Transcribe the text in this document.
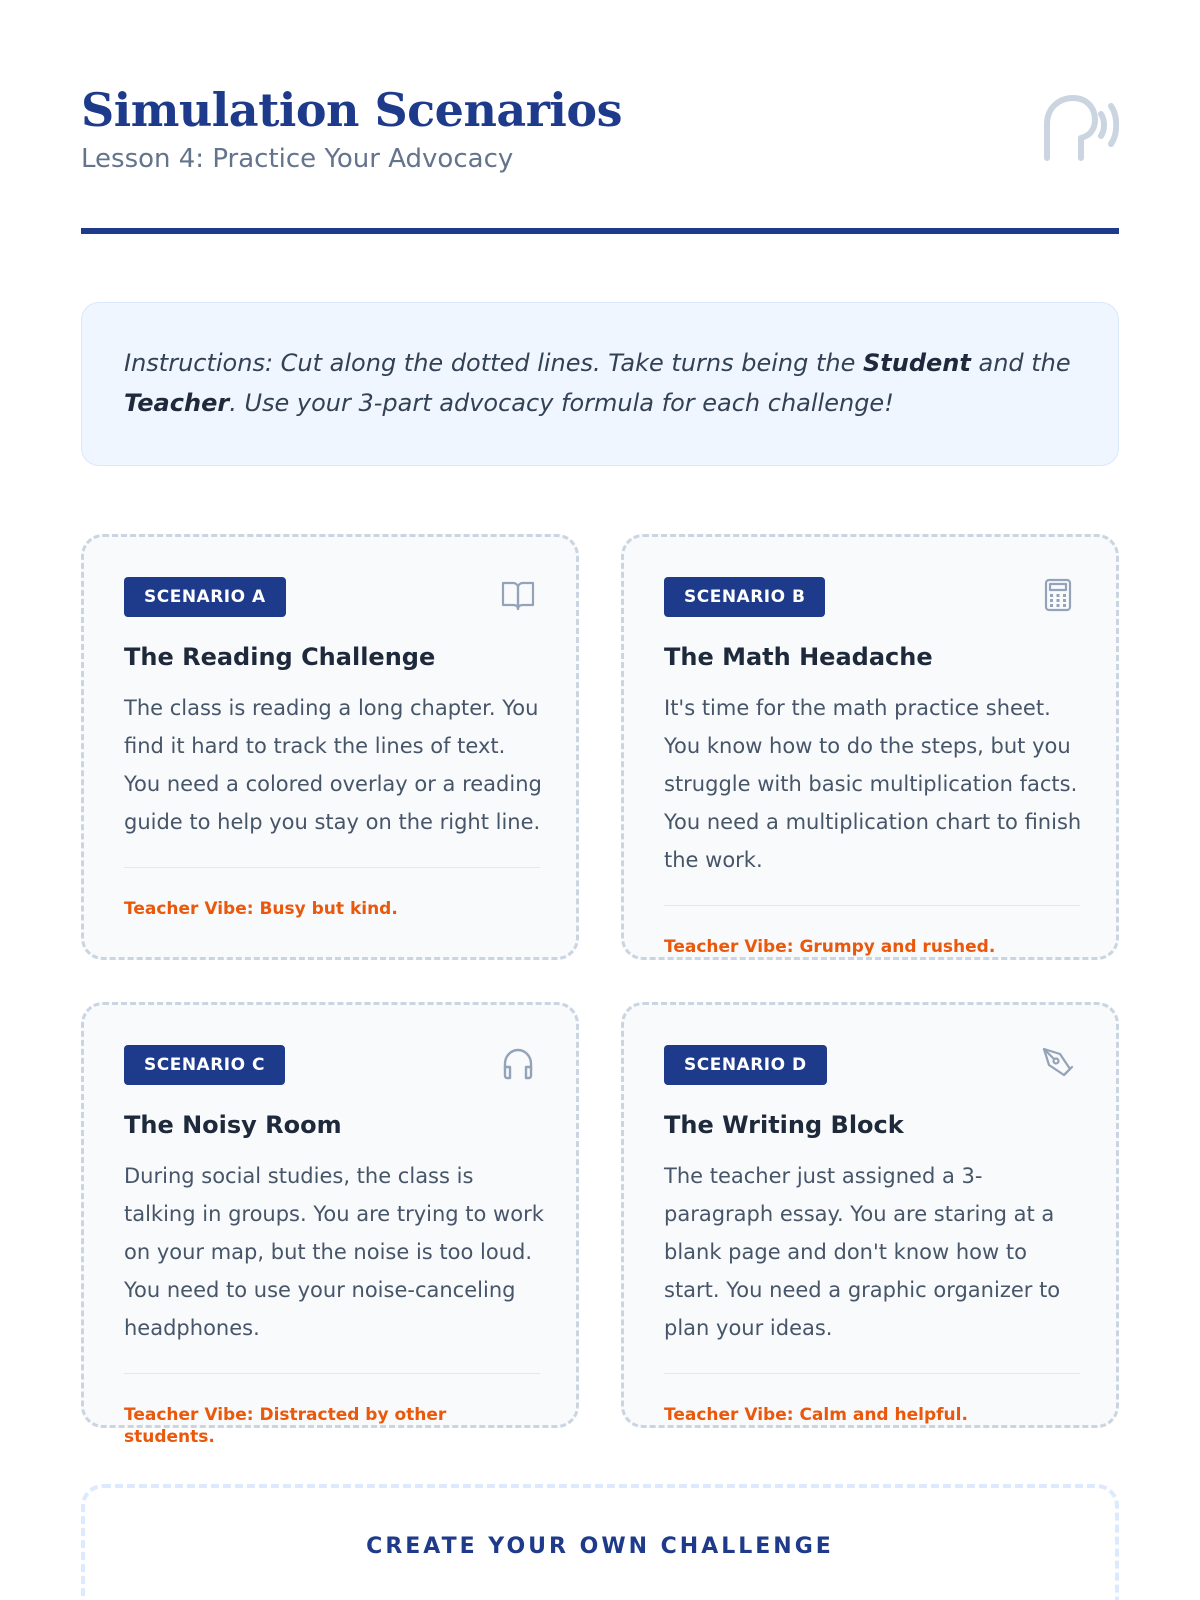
Simulation Scenarios
Lesson 4: Practice Your Advocacy
Instructions: Cut along the dotted lines. Take turns being the Student and the Teacher. Use your 3-part advocacy formula for each challenge!
SCENARIO A
The Reading Challenge
The class is reading a long chapter. You find it hard to track the lines of text. You need a colored overlay or a reading guide to help you stay on the right line.
Teacher Vibe: Busy but kind.
SCENARIO B
The Math Headache
It's time for the math practice sheet. You know how to do the steps, but you struggle with basic multiplication facts. You need a multiplication chart to finish the work.
Teacher Vibe: Grumpy and rushed.
SCENARIO C
The Noisy Room
During social studies, the class is talking in groups. You are trying to work on your map, but the noise is too loud. You need to use your noise-canceling headphones.
Teacher Vibe: Distracted by other students.
SCENARIO D
The Writing Block
The teacher just assigned a 3-paragraph essay. You are staring at a blank page and don't know how to start. You need a graphic organizer to plan your ideas.
Teacher Vibe: Calm and helpful.
CREATE YOUR OWN CHALLENGE
